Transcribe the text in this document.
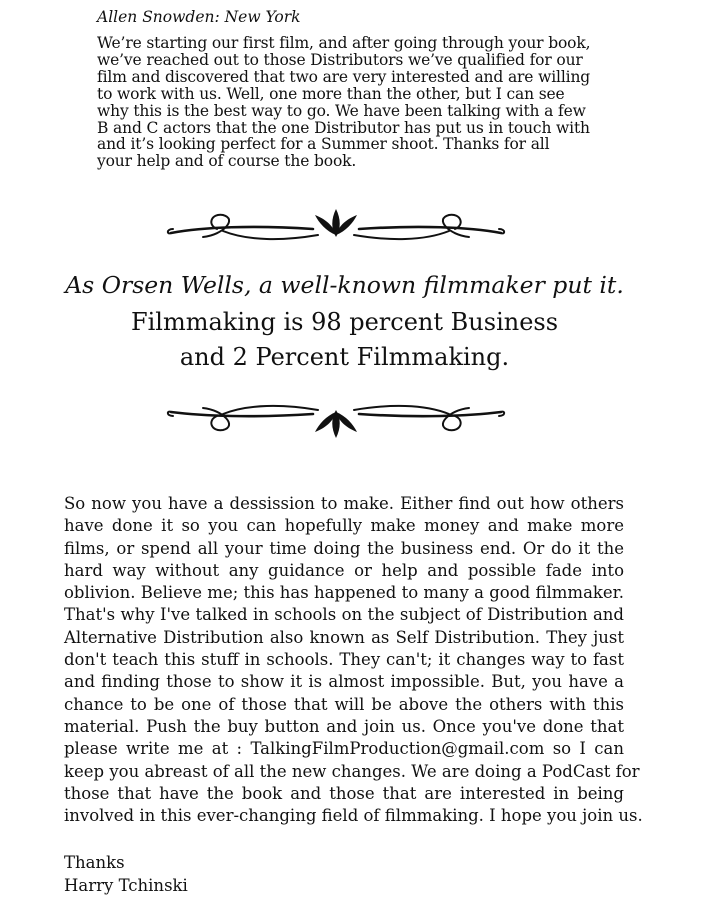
Allen Snowden: New York

We’re starting our first film, and after going through your book,
we’ve reached out to those Distributors we’ve qualified for our
film and discovered that two are very interested and are willing
to work with us. Well, one more than the other, but I can see
why this is the best way to go. We have been talking with a few
B and C actors that the one Distributor has put us in touch with
and it’s looking perfect for a Summer shoot. Thanks for all
your help and of course the book.

As Orsen Wells, a well-known filmmaker put it.

Filmmaking is 98 percent Business

and 2 Percent Filmmaking.

So now you have a dessission to make. Either find out how others
have done it so you can hopefully make money and make more
films, or spend all your time doing the business end. Or do it the
hard way without any guidance or help and possible fade into
oblivion. Believe me; this has happened to many a good filmmaker.
That's why I've talked in schools on the subject of Distribution and
Alternative Distribution also known as Self Distribution. They just
don't teach this stuff in schools. They can't; it changes way to fast
and finding those to show it is almost impossible. But, you have a
chance to be one of those that will be above the others with this
material. Push the buy button and join us. Once you've done that
please write me at : TalkingFilmProduction@gmail.com so I can
keep you abreast of all the new changes. We are doing a PodCast for
those that have the book and those that are interested in being
involved in this ever-changing field of filmmaking. I hope you join us.

Thanks
Harry Tchinski
